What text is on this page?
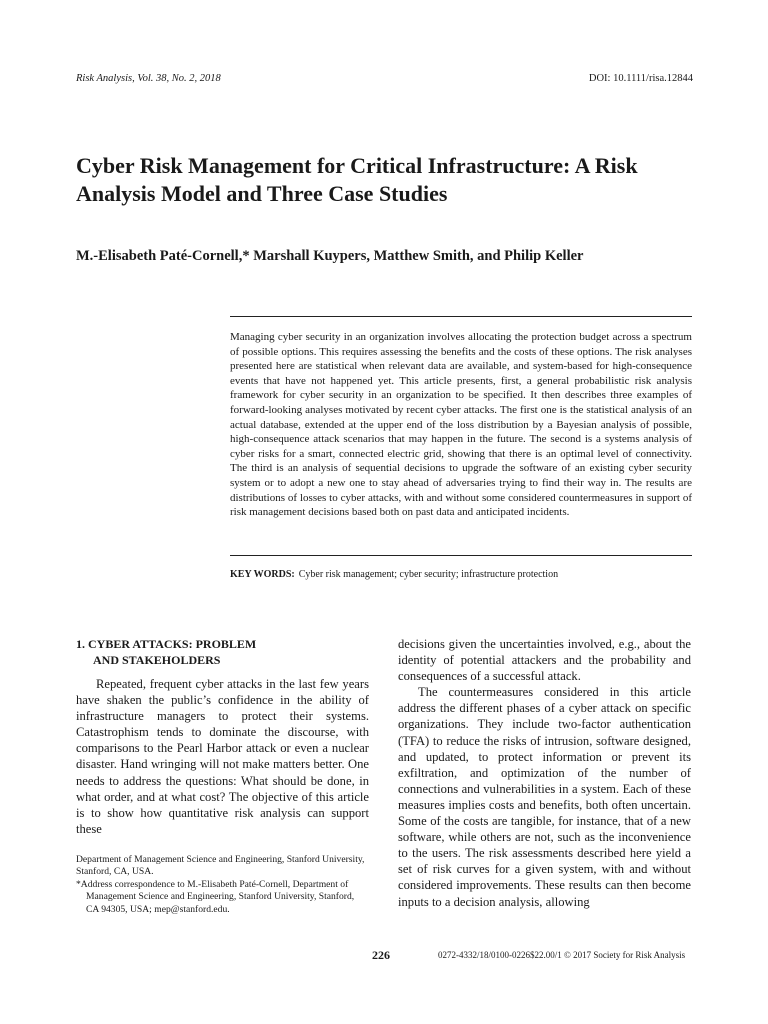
Risk Analysis, Vol. 38, No. 2, 2018	DOI: 10.1111/risa.12844
Cyber Risk Management for Critical Infrastructure: A Risk Analysis Model and Three Case Studies
M.-Elisabeth Paté-Cornell,* Marshall Kuypers, Matthew Smith, and Philip Keller
Managing cyber security in an organization involves allocating the protection budget across a spectrum of possible options. This requires assessing the benefits and the costs of these options. The risk analyses presented here are statistical when relevant data are available, and system-based for high-consequence events that have not happened yet. This article presents, first, a general probabilistic risk analysis framework for cyber security in an organization to be specified. It then describes three examples of forward-looking analyses motivated by recent cyber attacks. The first one is the statistical analysis of an actual database, extended at the upper end of the loss distribution by a Bayesian analysis of possible, high-consequence attack scenarios that may happen in the future. The second is a systems analysis of cyber risks for a smart, connected electric grid, showing that there is an optimal level of connectivity. The third is an analysis of sequential decisions to upgrade the software of an existing cyber security system or to adopt a new one to stay ahead of adversaries trying to find their way in. The results are distributions of losses to cyber attacks, with and without some considered countermeasures in support of risk management decisions based both on past data and anticipated incidents.
KEY WORDS: Cyber risk management; cyber security; infrastructure protection
1. CYBER ATTACKS: PROBLEM
AND STAKEHOLDERS

Repeated, frequent cyber attacks in the last few years have shaken the public’s confidence in the ability of infrastructure managers to protect their systems. Catastrophism tends to dominate the discourse, with comparisons to the Pearl Harbor attack or even a nuclear disaster. Hand wringing will not make matters better. One needs to address the questions: What should be done, in what order, and at what cost? The objective of this article is to show how quantitative risk analysis can support these

Department of Management Science and Engineering, Stanford University, Stanford, CA, USA.

*Address correspondence to M.-Elisabeth Paté-Cornell, Department of Management Science and Engineering, Stanford University, Stanford, CA 94305, USA; mep@stanford.edu.

decisions given the uncertainties involved, e.g., about the identity of potential attackers and the probability and consequences of a successful attack.

The countermeasures considered in this article address the different phases of a cyber attack on specific organizations. They include two-factor authentication (TFA) to reduce the risks of intrusion, software designed, and updated, to protect information or prevent its exfiltration, and optimization of the number of connections and vulnerabilities in a system. Each of these measures implies costs and benefits, both often uncertain. Some of the costs are tangible, for instance, that of a new software, while others are not, such as the inconvenience to the users. The risk assessments described here yield a set of risk curves for a given system, with and without considered improvements. These results can then become inputs to a decision analysis, allowing

226	0272-4332/18/0100-0226$22.00/1 © 2017 Society for Risk Analysis
